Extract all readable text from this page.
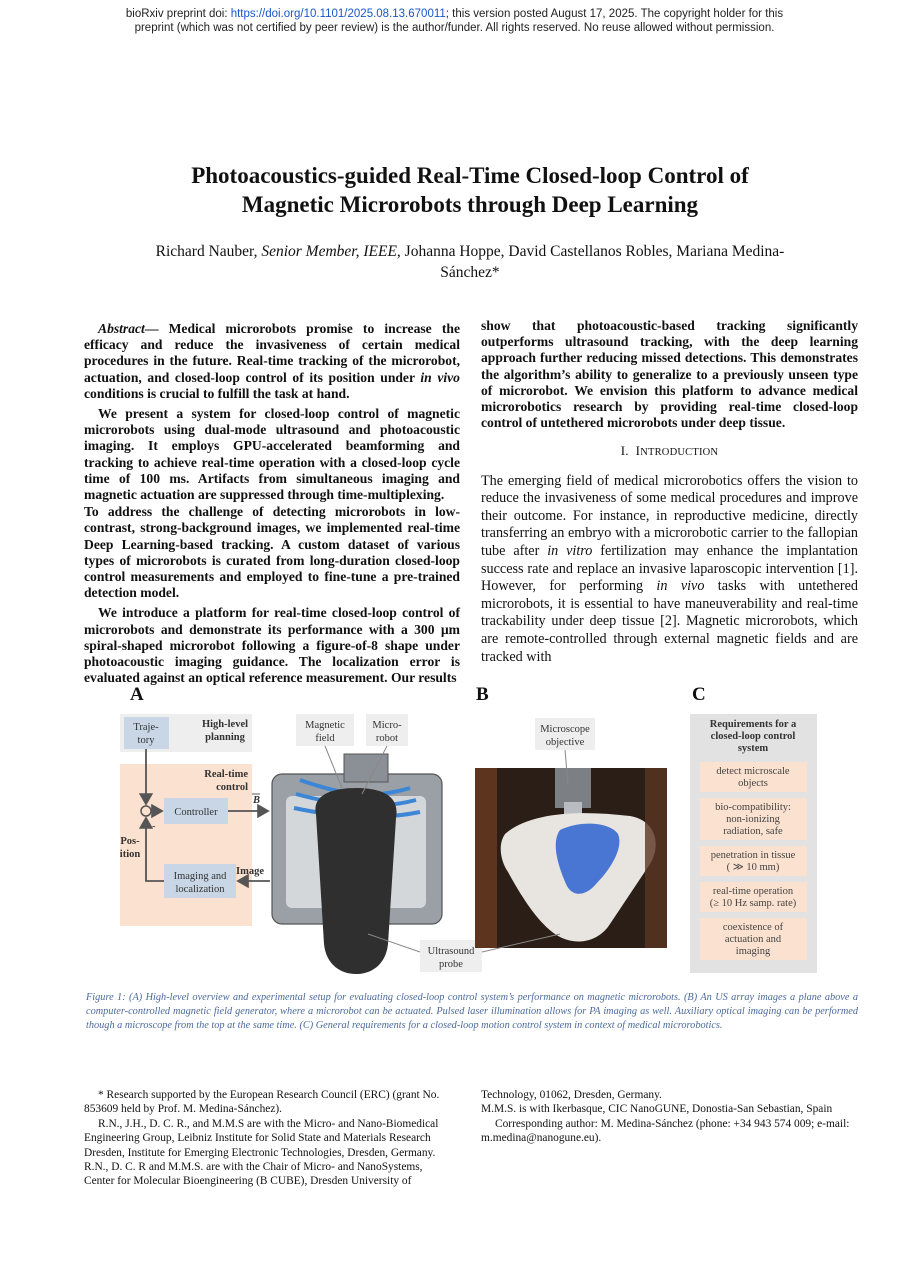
bioRxiv preprint doi: https://doi.org/10.1101/2025.08.13.670011; this version posted August 17, 2025. The copyright holder for this
preprint (which was not certified by peer review) is the author/funder. All rights reserved. No reuse allowed without permission.
Photoacoustics-guided Real-Time Closed-loop Control of
Magnetic Microrobots through Deep Learning
Richard Nauber, Senior Member, IEEE, Johanna Hoppe, David Castellanos Robles, Mariana Medina-
Sánchez*

Abstract— Medical microrobots promise to increase the efficacy and reduce the invasiveness of certain medical procedures in the future. Real-time tracking of the microrobot, actuation, and closed-loop control of its position under in vivo conditions is crucial to fulfill the task at hand.

We present a system for closed-loop control of magnetic microrobots using dual-mode ultrasound and photoacoustic imaging. It employs GPU-accelerated beamforming and tracking to achieve real-time operation with a closed-loop cycle time of 100 ms. Artifacts from simultaneous imaging and magnetic actuation are suppressed through time-multiplexing.

To address the challenge of detecting microrobots in low-contrast, strong-background images, we implemented real-time Deep Learning-based tracking. A custom dataset of various types of microrobots is curated from long-duration closed-loop control measurements and employed to fine-tune a pre-trained detection model.

We introduce a platform for real-time closed-loop control of microrobots and demonstrate its performance with a 300 µm spiral-shaped microrobot following a figure-of-8 shape under photoacoustic imaging guidance. The localization error is evaluated against an optical reference measurement. Our results

show that photoacoustic-based tracking significantly outperforms ultrasound tracking, with the deep learning approach further reducing missed detections. This demonstrates the algorithm’s ability to generalize to a previously unseen type of microrobot. We envision this platform to advance medical microrobotics research by providing real-time closed-loop control of untethered microrobots under deep tissue.

I. INTRODUCTION

The emerging field of medical microrobotics offers the vision to reduce the invasiveness of some medical procedures and improve their outcome. For instance, in reproductive medicine, directly transferring an embryo with a microrobotic carrier to the fallopian tube after in vitro fertilization may enhance the implantation success rate and replace an invasive laparoscopic intervention [1]. However, for performing in vivo tasks with untethered microrobots, it is essential to have maneuverability and real-time trackability under deep tissue [2]. Magnetic microrobots, which are remote-controlled through external magnetic fields and are tracked with

A	B	C
Traje-
tory
High-level
planning
Real-time
control
Controller
Imaging and
localization
-
Pos-
ition
B
Image
Magnetic
field
Micro-
robot
Ultrasound
probe
Microscope
objective
Requirements for a
closed-loop control
system
detect microscale
objects
bio-compatibility:
non-ionizing
radiation, safe
penetration in tissue
( ≫ 10 mm)
real-time operation
(≥ 10 Hz samp. rate)
coexistence of
actuation and
imaging
Figure 1: (A) High-level overview and experimental setup for evaluating closed-loop control system’s performance on magnetic microrobots. (B) An US array images a plane above a computer-controlled magnetic field generator, where a microrobot can be actuated. Pulsed laser illumination allows for PA imaging as well. Auxiliary optical imaging can be performed though a microscope from the top at the same time. (C) General requirements for a closed-loop motion control system in context of medical microrobotics.

* Research supported by the European Research Council (ERC) (grant No. 853609 held by Prof. M. Medina-Sánchez).

R.N., J.H., D. C. R., and M.M.S are with the Micro- and Nano-Biomedical Engineering Group, Leibniz Institute for Solid State and Materials Research Dresden, Institute for Emerging Electronic Technologies, Dresden, Germany.

R.N., D. C. R and M.M.S. are with the Chair of Micro- and NanoSystems, Center for Molecular Bioengineering (B CUBE), Dresden University of

Technology, 01062, Dresden, Germany.

M.M.S. is with Ikerbasque, CIC NanoGUNE, Donostia-San Sebastian, Spain

Corresponding author: M. Medina-Sánchez (phone: +34 943 574 009; e-mail: m.medina@nanogune.eu).
